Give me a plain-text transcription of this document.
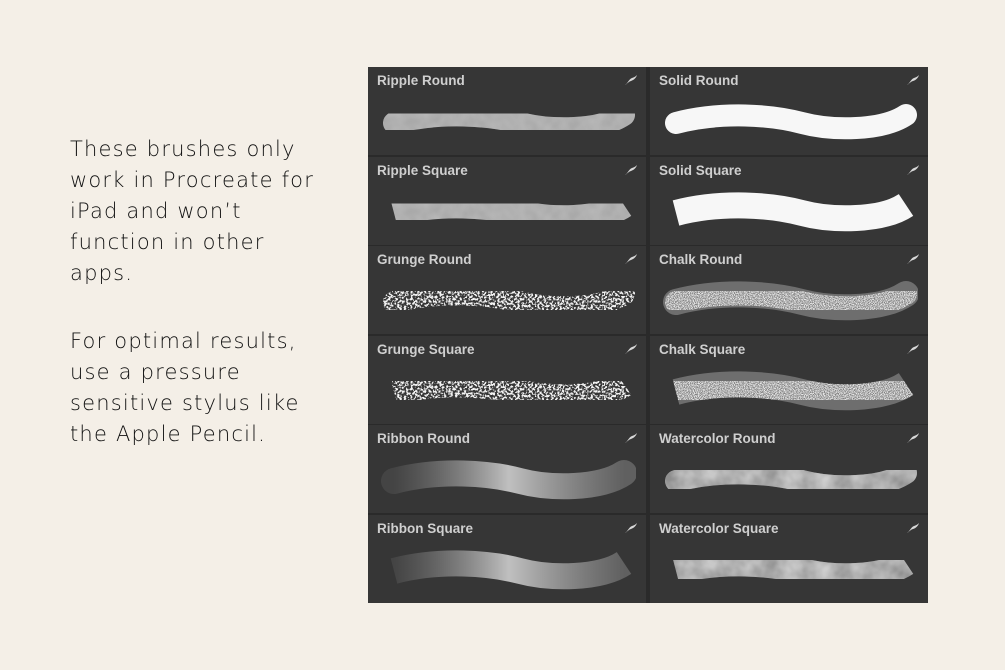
These brushes only work in Procreate for iPad and won’t function in other apps.

For optimal results, use a pressure sensitive stylus like the Apple Pencil.

Ripple Round	Solid Round
Ripple Square	Solid Square
Grunge Round	Chalk Round
Grunge Square	Chalk Square
Ribbon Round	Watercolor Round
Ribbon Square	Watercolor Square
